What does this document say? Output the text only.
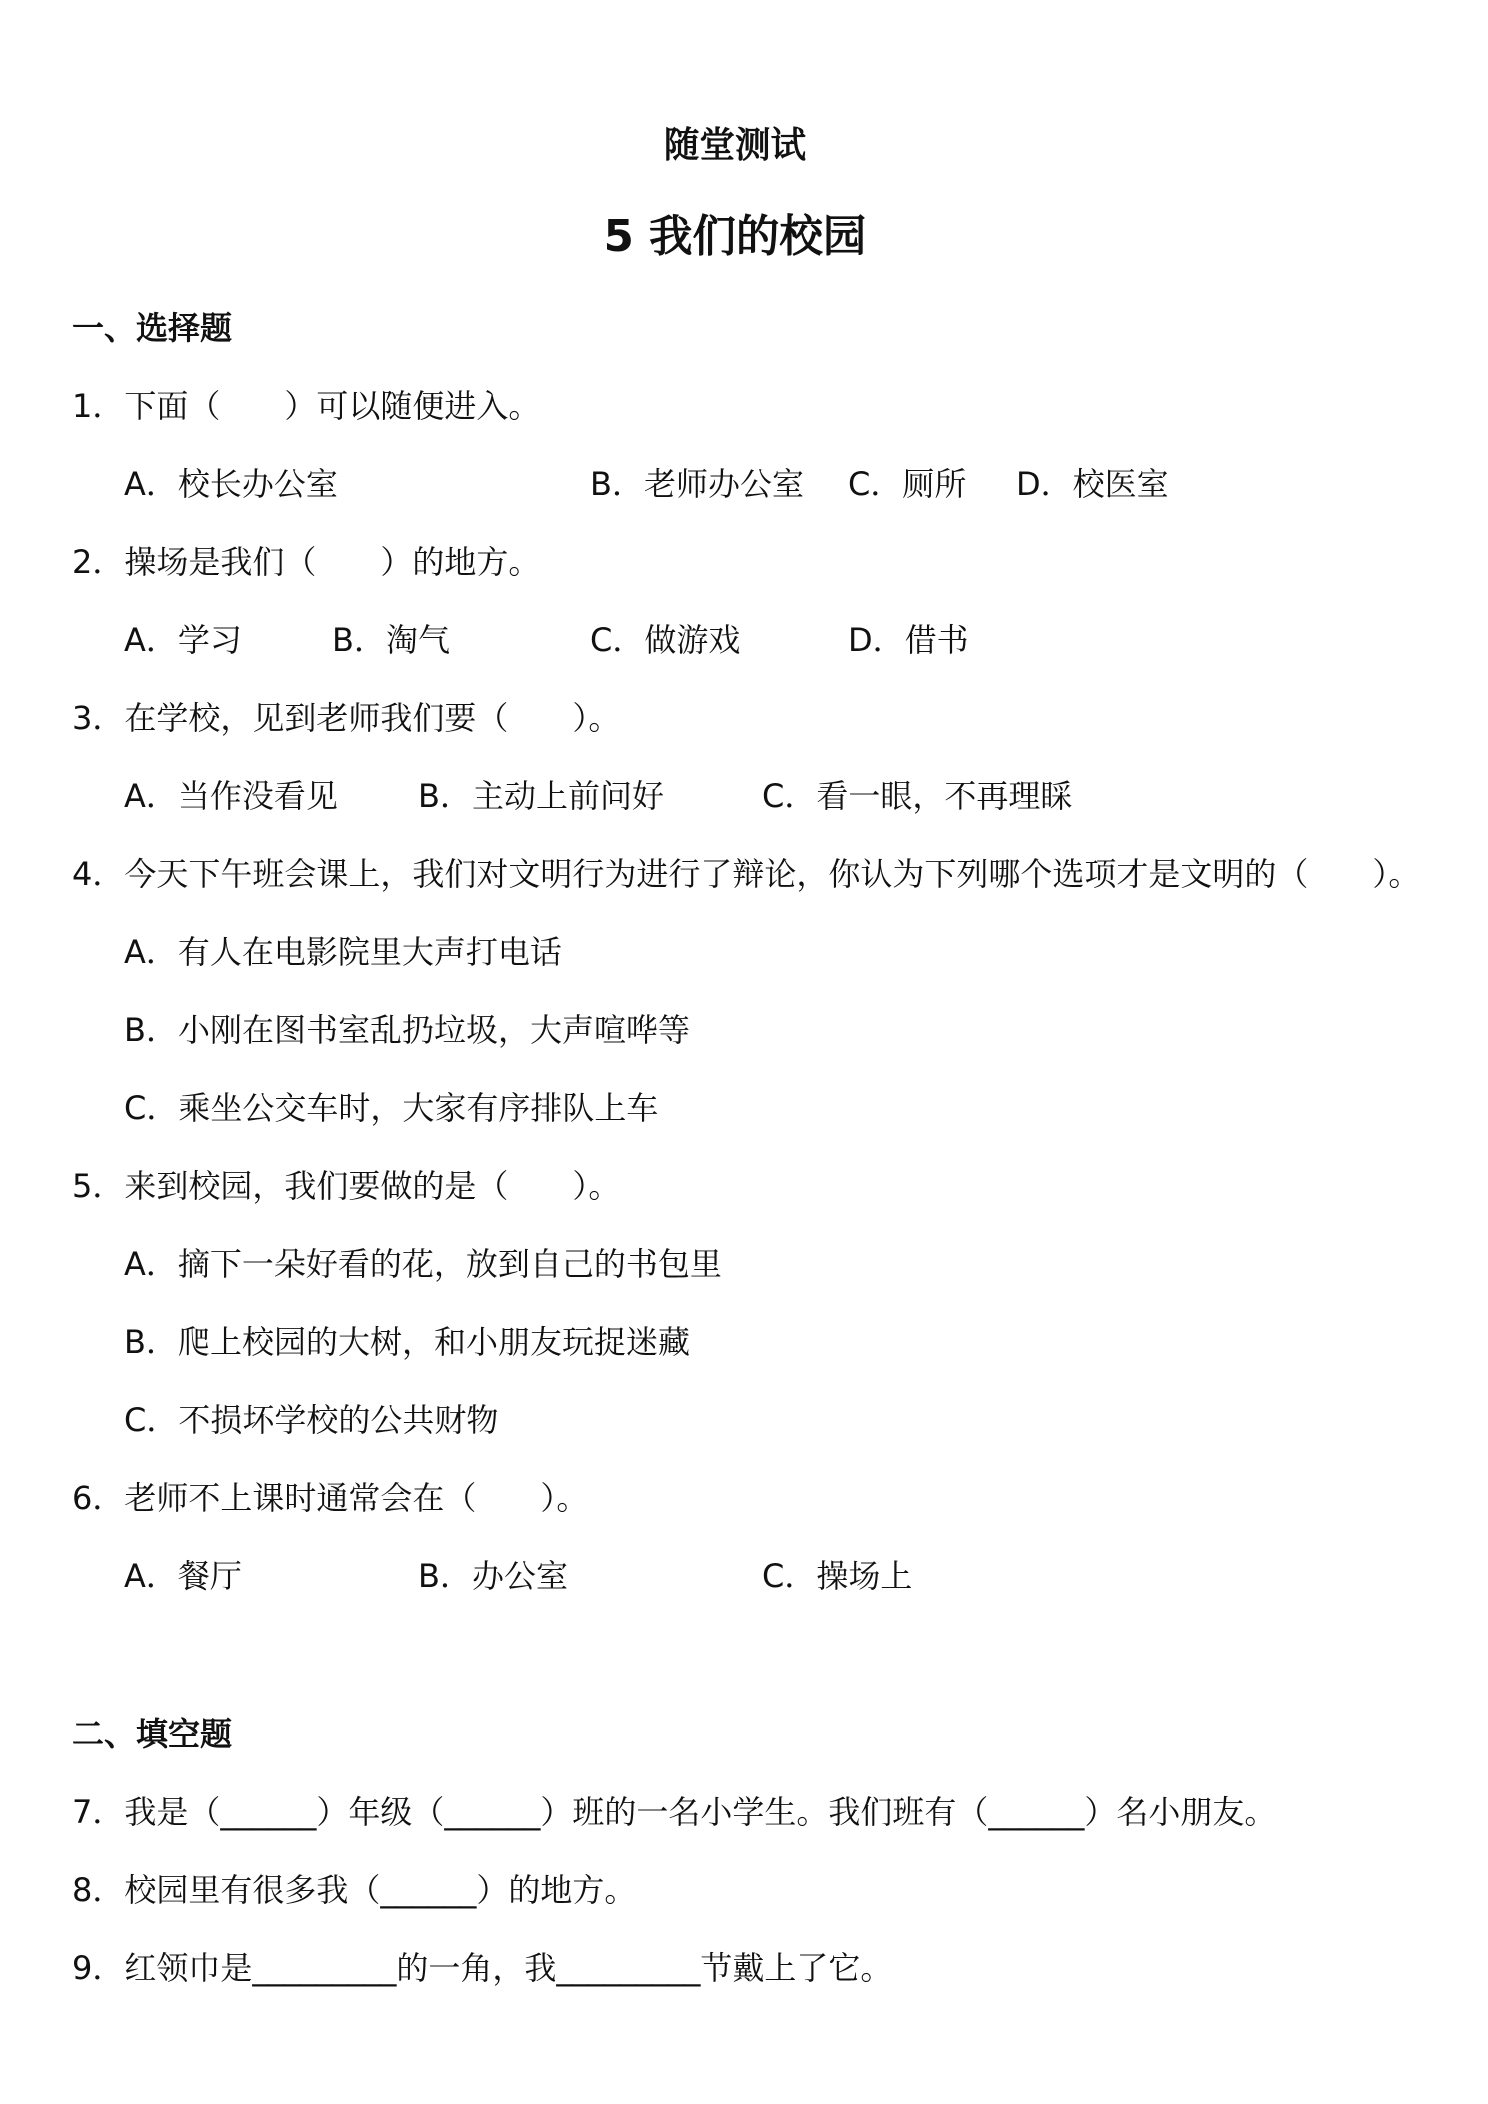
随堂测试
5 我们的校园
一、选择题
1．下面（　　）可以随便进入。
A．校长办公室	B．老师办公室 C．厕所 D．校医室
2．操场是我们（　　）的地方。
A．学习	B．淘气	C．做游戏	D．借书
3．在学校，见到老师我们要（　　）。
A．当作没看见	B．主动上前问好	C．看一眼，不再理睬
4．今天下午班会课上，我们对文明行为进行了辩论，你认为下列哪个选项才是文明的（　　）。
A．有人在电影院里大声打电话
B．小刚在图书室乱扔垃圾，大声喧哗等
C．乘坐公交车时，大家有序排队上车
5．来到校园，我们要做的是（　　）。
A．摘下一朵好看的花，放到自己的书包里
B．爬上校园的大树，和小朋友玩捉迷藏
C．不损坏学校的公共财物
6．老师不上课时通常会在（　　）。
A．餐厅	B．办公室	C．操场上
二、填空题
7．我是（______）年级（______）班的一名小学生。我们班有（______）名小朋友。
8．校园里有很多我（______）的地方。
9．红领巾是_________的一角，我_________节戴上了它。
